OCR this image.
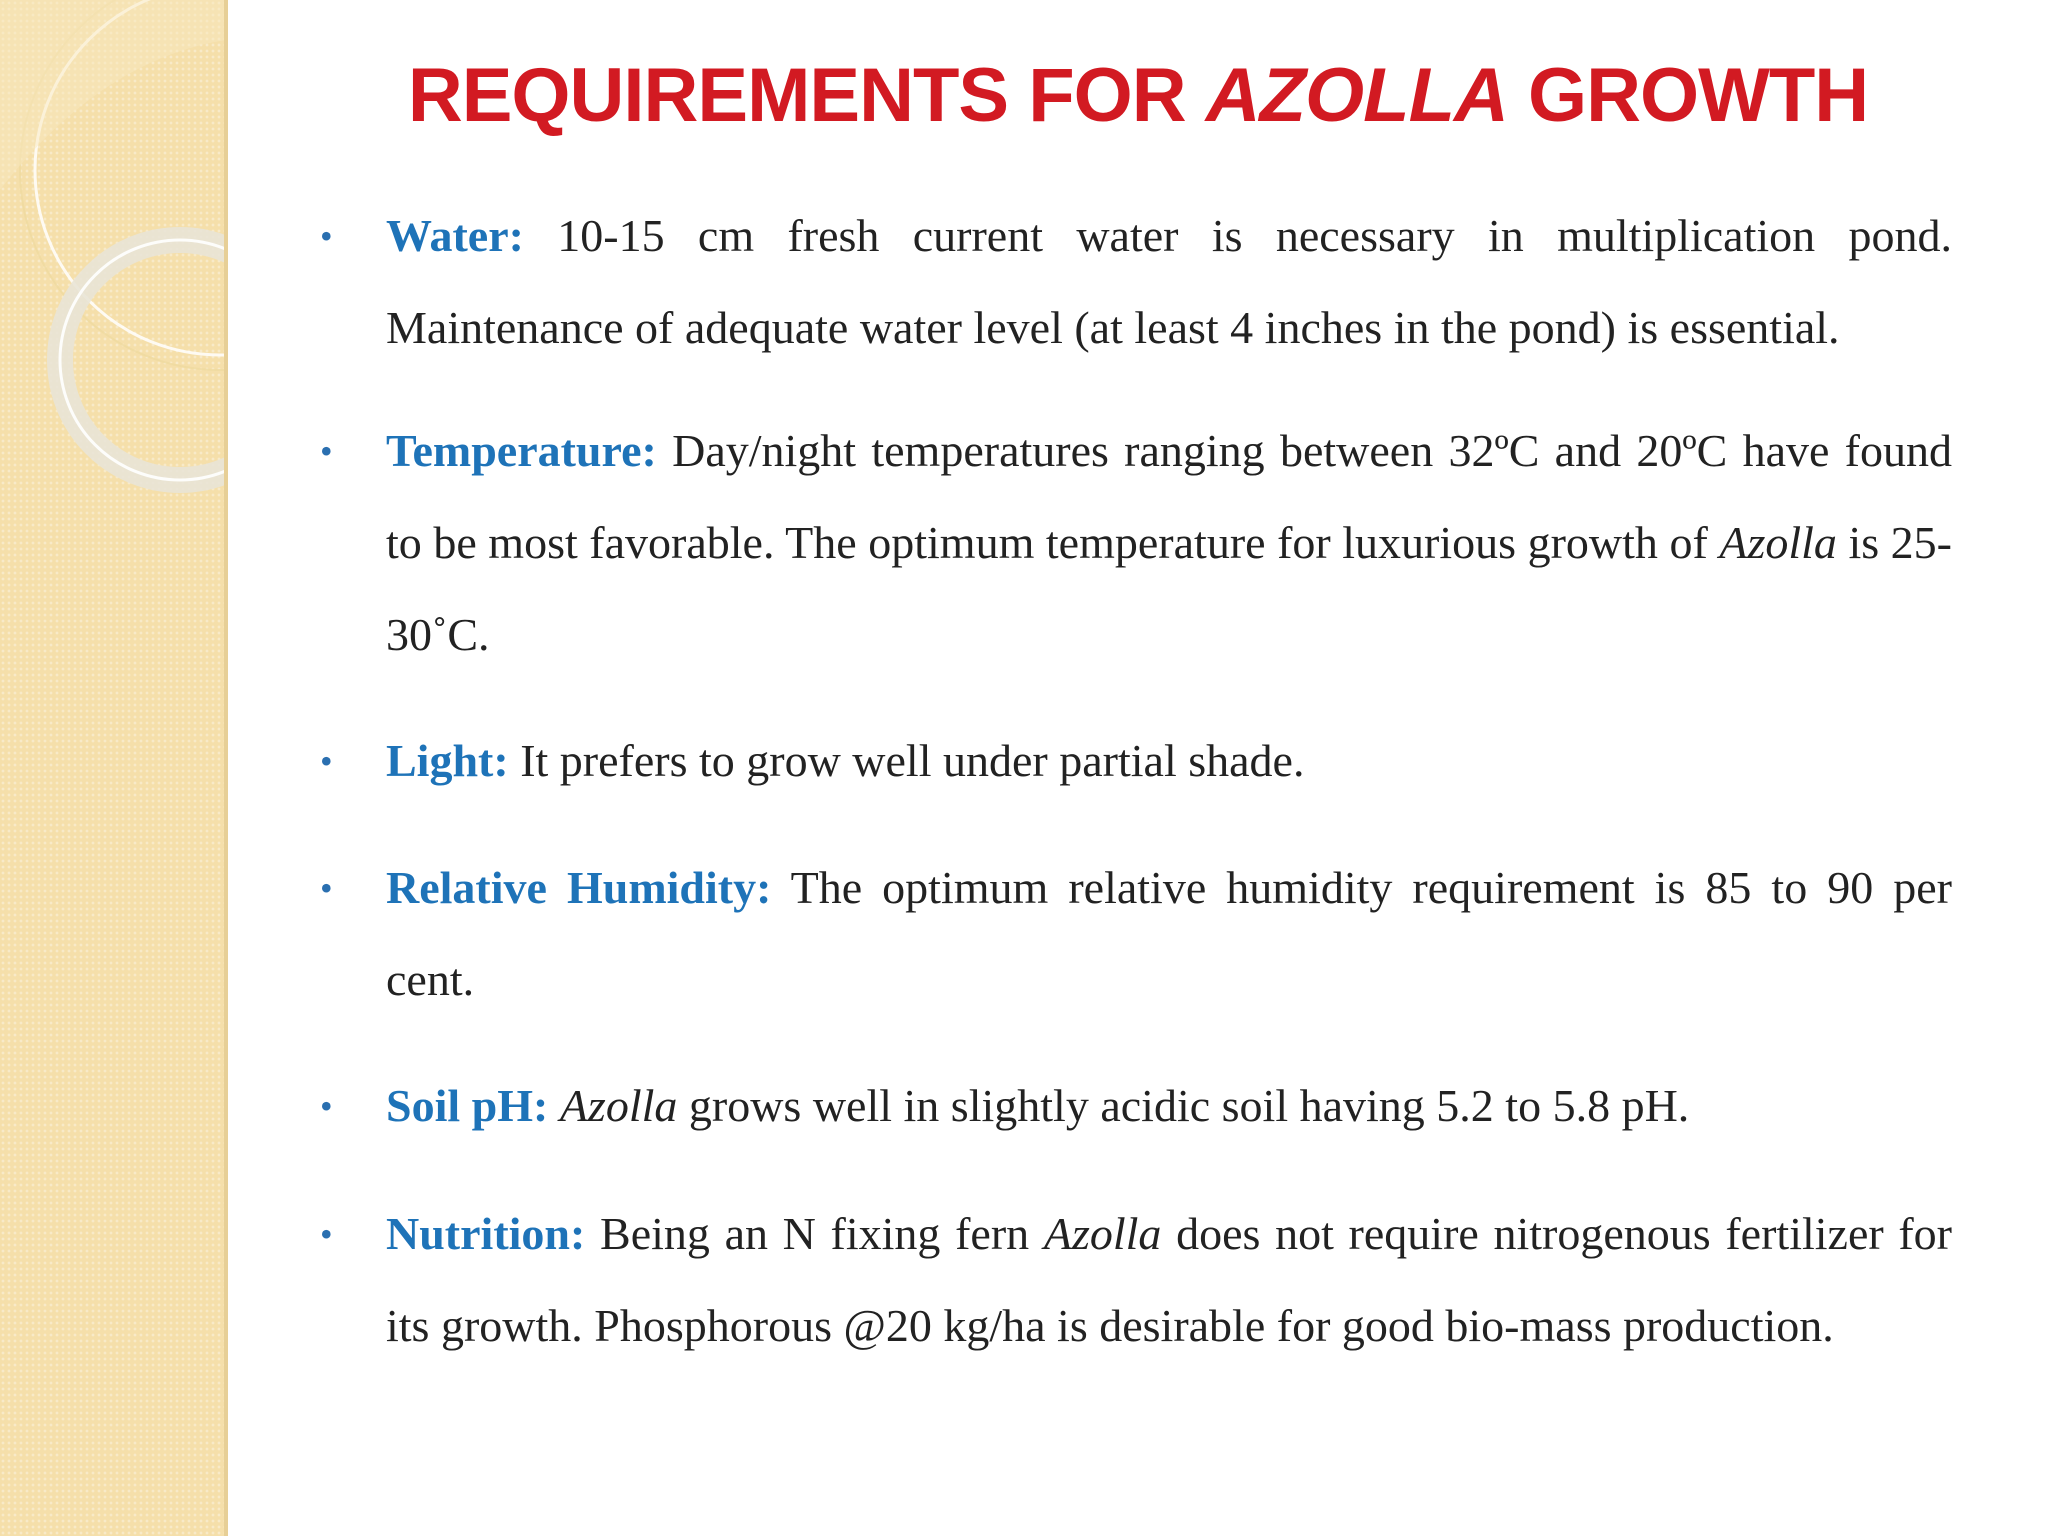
REQUIREMENTS FOR AZOLLA GROWTH
•	Water: 10-15 cm fresh current water is necessary in multiplication pond. Maintenance of adequate water level (at least 4 inches in the pond) is essential.
•	Temperature: Day/night temperatures ranging between 32ºC and 20ºC have found to be most favorable. The optimum temperature for luxurious growth of Azolla is 25-30˚C.
•	Light: It prefers to grow well under partial shade.
•	Relative Humidity: The optimum relative humidity requirement is 85 to 90 per cent.
•	Soil pH: Azolla grows well in slightly acidic soil having 5.2 to 5.8 pH.
•	Nutrition: Being an N fixing fern Azolla does not require nitrogenous fertilizer for its growth. Phosphorous @20 kg/ha is desirable for good bio-mass production.
